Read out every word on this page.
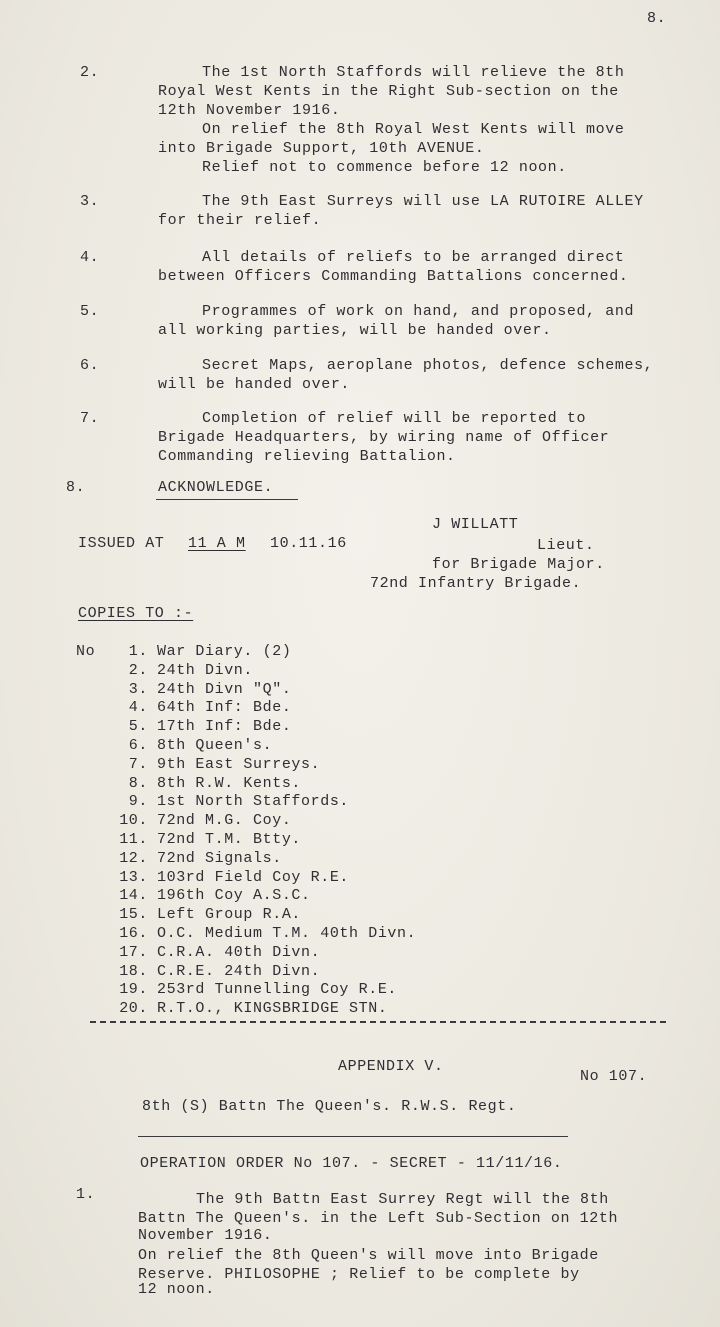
8.
2.	The 1st North Staffords will relieve the 8th
Royal West Kents in the Right Sub-section on the
12th November 1916.
On relief the 8th Royal West Kents will move
into Brigade Support, 10th AVENUE.
Relief not to commence before 12 noon.
3.	The 9th East Surreys will use LA RUTOIRE ALLEY
for their relief.
4.	All details of reliefs to be arranged direct
between Officers Commanding Battalions concerned.
5.	Programmes of work on hand, and proposed, and
all working parties, will be handed over.
6.	Secret Maps, aeroplane photos, defence schemes,
will be handed over.
7.	Completion of relief will be reported to
Brigade Headquarters, by wiring name of Officer
Commanding relieving Battalion.
8.	ACKNOWLEDGE.
J WILLATT
ISSUED AT 11 A M 10.11.16	Lieut.
for Brigade Major.
72nd Infantry Brigade.
COPIES TO :-
No	1. War Diary. (2)
2. 24th Divn.
3. 24th Divn "Q".
4. 64th Inf: Bde.
5. 17th Inf: Bde.
6. 8th Queen's.
7. 9th East Surreys.
8. 8th R.W. Kents.
9. 1st North Staffords.
10. 72nd M.G. Coy.
11. 72nd T.M. Btty.
12. 72nd Signals.
13. 103rd Field Coy R.E.
14. 196th Coy A.S.C.
15. Left Group R.A.
16. O.C. Medium T.M. 40th Divn.
17. C.R.A. 40th Divn.
18. C.R.E. 24th Divn.
19. 253rd Tunnelling Coy R.E.
20. R.T.O., KINGSBRIDGE STN.
APPENDIX V.
No 107.
8th (S) Battn The Queen's. R.W.S. Regt.
OPERATION ORDER No 107. - SECRET - 11/11/16.
1.	The 9th Battn East Surrey Regt will the 8th
Battn The Queen's. in the Left Sub-Section on 12th
November 1916.
On relief the 8th Queen's will move into Brigade
Reserve. PHILOSOPHE ; Relief to be complete by
12 noon.
